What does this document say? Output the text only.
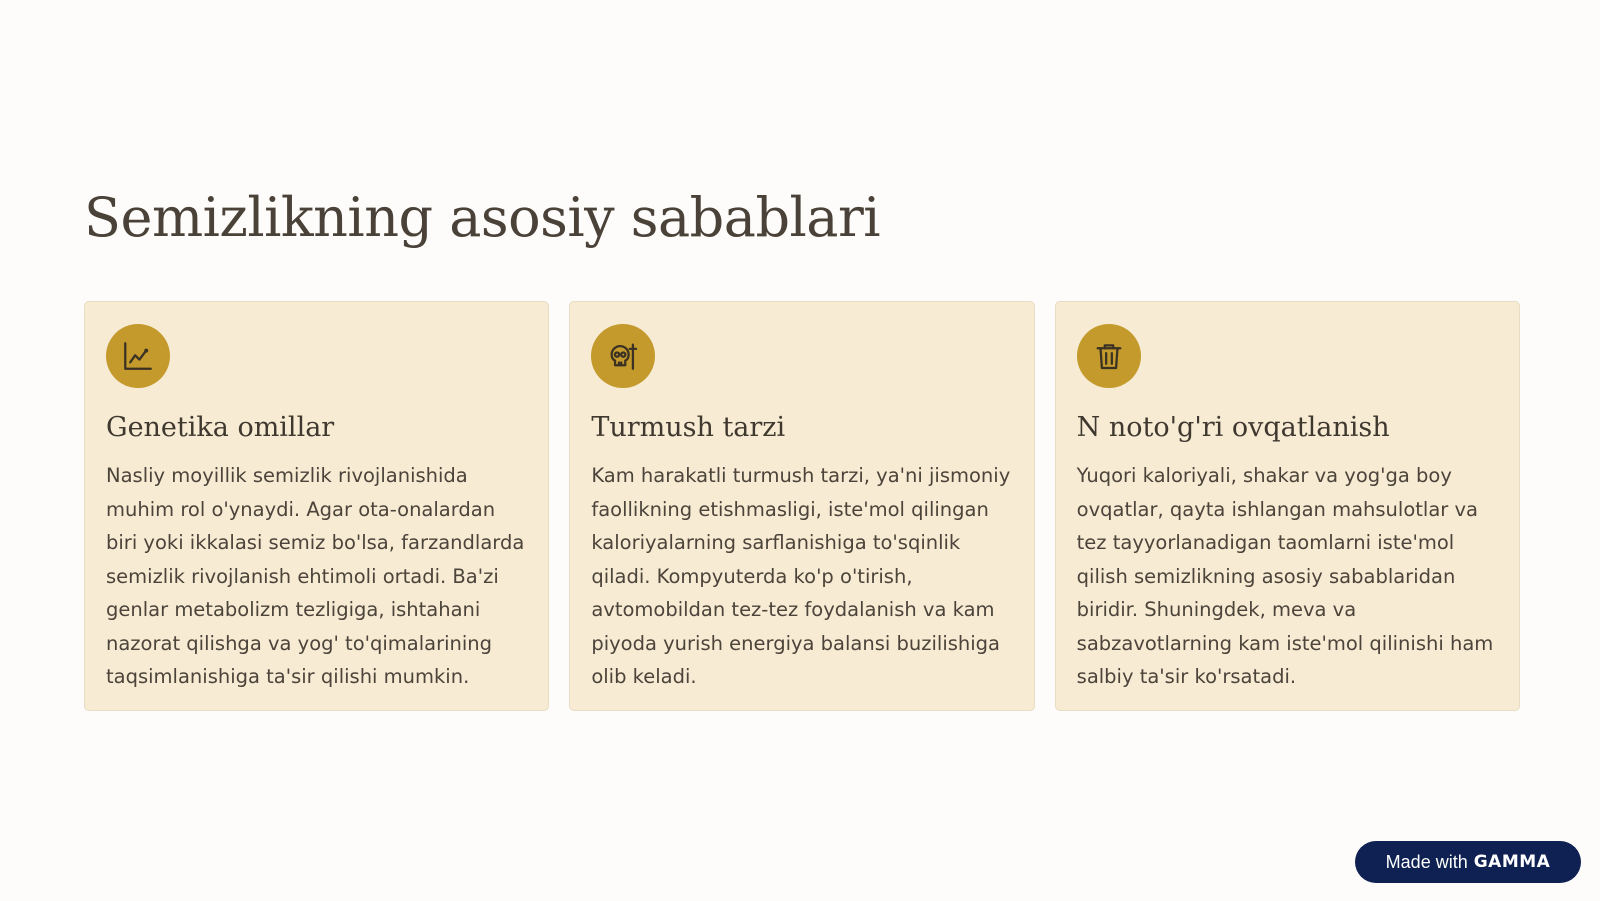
Semizlikning asosiy sabablari
Genetika omillar

Nasliy moyillik semizlik rivojlanishida muhim rol o'ynaydi. Agar ota-onalardan biri yoki ikkalasi semiz bo'lsa, farzandlarda semizlik rivojlanish ehtimoli ortadi. Ba'zi genlar metabolizm tezligiga, ishtahani nazorat qilishga va yog' to'qimalarining taqsimlanishiga ta'sir qilishi mumkin.

Turmush tarzi

Kam harakatli turmush tarzi, ya'ni jismoniy faollikning etishmasligi, iste'mol qilingan kaloriyalarning sarflanishiga to'sqinlik qiladi. Kompyuterda ko'p o'tirish, avtomobildan tez-tez foydalanish va kam piyoda yurish energiya balansi buzilishiga olib keladi.

N noto'g'ri ovqatlanish

Yuqori kaloriyali, shakar va yog'ga boy ovqatlar, qayta ishlangan mahsulotlar va tez tayyorlanadigan taomlarni iste'mol qilish semizlikning asosiy sabablaridan biridir. Shuningdek, meva va sabzavotlarning kam iste'mol qilinishi ham salbiy ta'sir ko'rsatadi.

Made with GAMMA
